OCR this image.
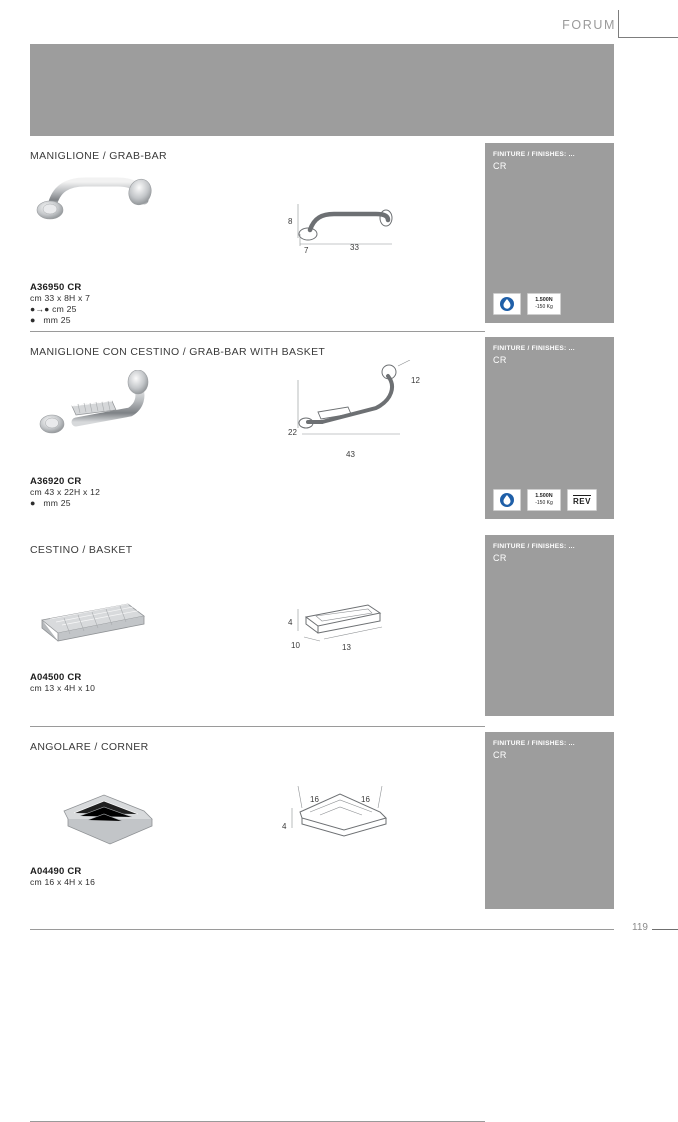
FORUM
MANIGLIONE / GRAB-BAR
8
7	33
A36950 CR
cm 33 x 8H x 7
●→● cm 25
● mm 25
FINITURE / FINISHES: ...
CR
1.500N
-150 Kg
MANIGLIONE CON CESTINO / GRAB-BAR WITH BASKET
22
43
12
A36920 CR
cm 43 x 22H x 12
● mm 25
FINITURE / FINISHES: ...
CR
1.500N
-150 Kg	REV
CESTINO / BASKET
4
10	13
A04500 CR
cm 13 x 4H x 10
FINITURE / FINISHES: ...
CR
ANGOLARE / CORNER
4
16	16
A04490 CR
cm 16 x 4H x 16
FINITURE / FINISHES: ...
CR
119
